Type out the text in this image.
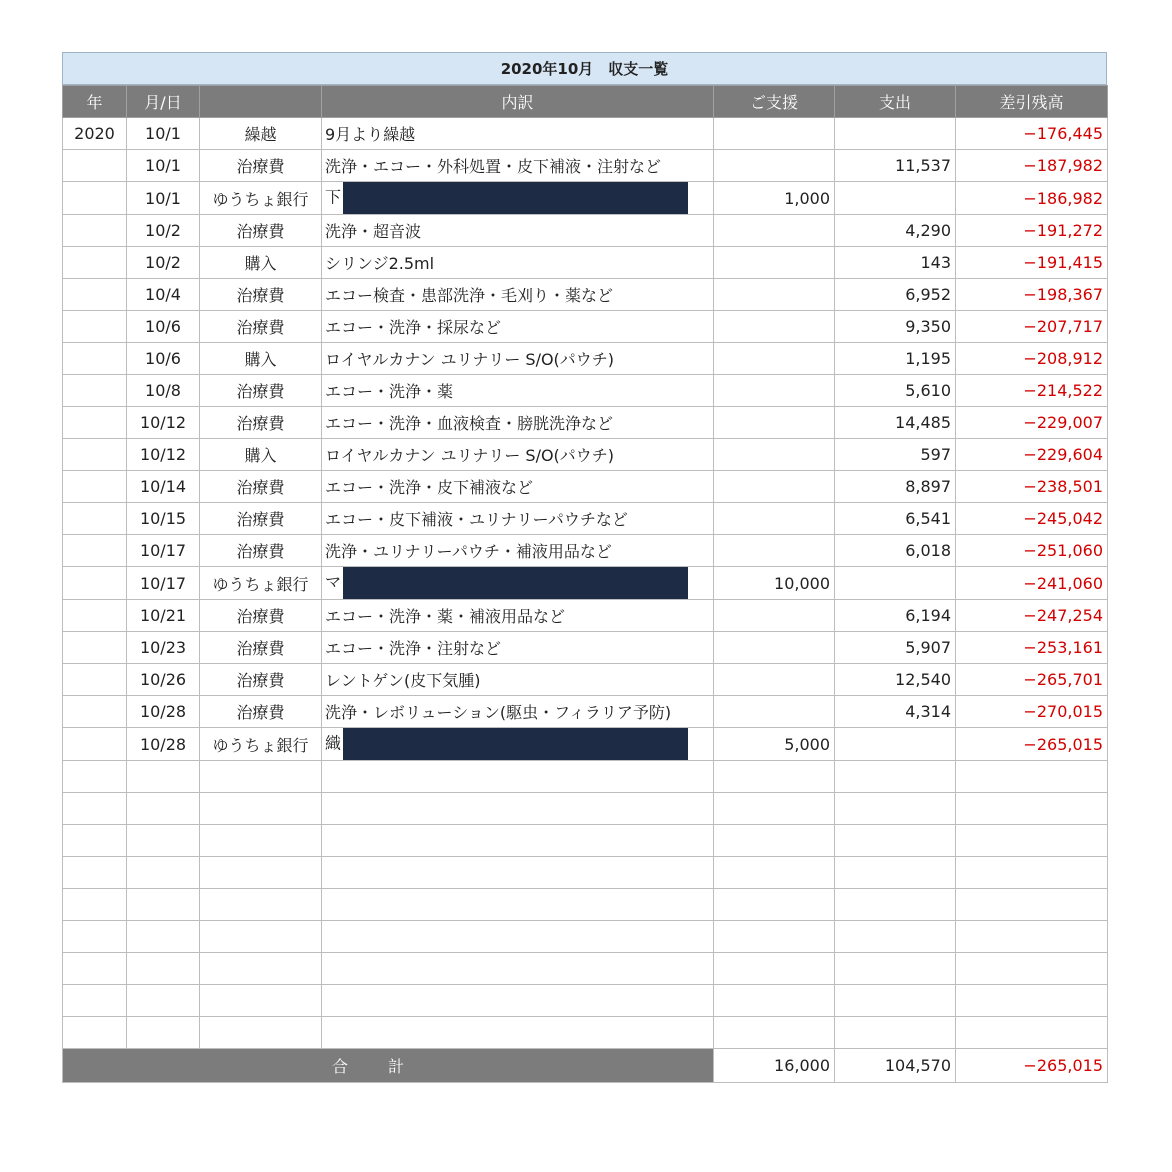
2020年10月　収支一覧
年	月/日		内訳	ご支援	支出	差引残高
2020	10/1	繰越	9月より繰越			−176,445
	10/1	治療費	洗浄・エコー・外科処置・皮下補液・注射など		11,537	−187,982
	10/1	ゆうちょ銀行	下	1,000		−186,982
	10/2	治療費	洗浄・超音波		4,290	−191,272
	10/2	購入	シリンジ2.5ml		143	−191,415
	10/4	治療費	エコー検査・患部洗浄・毛刈り・薬など		6,952	−198,367
	10/6	治療費	エコー・洗浄・採尿など		9,350	−207,717
	10/6	購入	ロイヤルカナン ユリナリー S/O(パウチ)		1,195	−208,912
	10/8	治療費	エコー・洗浄・薬		5,610	−214,522
	10/12	治療費	エコー・洗浄・血液検査・膀胱洗浄など		14,485	−229,007
	10/12	購入	ロイヤルカナン ユリナリー S/O(パウチ)		597	−229,604
	10/14	治療費	エコー・洗浄・皮下補液など		8,897	−238,501
	10/15	治療費	エコー・皮下補液・ユリナリーパウチなど		6,541	−245,042
	10/17	治療費	洗浄・ユリナリーパウチ・補液用品など		6,018	−251,060
	10/17	ゆうちょ銀行	マ	10,000		−241,060
	10/21	治療費	エコー・洗浄・薬・補液用品など		6,194	−247,254
	10/23	治療費	エコー・洗浄・注射など		5,907	−253,161
	10/26	治療費	レントゲン(皮下気腫)		12,540	−265,701
	10/28	治療費	洗浄・レボリューション(駆虫・フィラリア予防)		4,314	−270,015
	10/28	ゆうちょ銀行	織	5,000		−265,015

合計				16,000	104,570	−265,015
